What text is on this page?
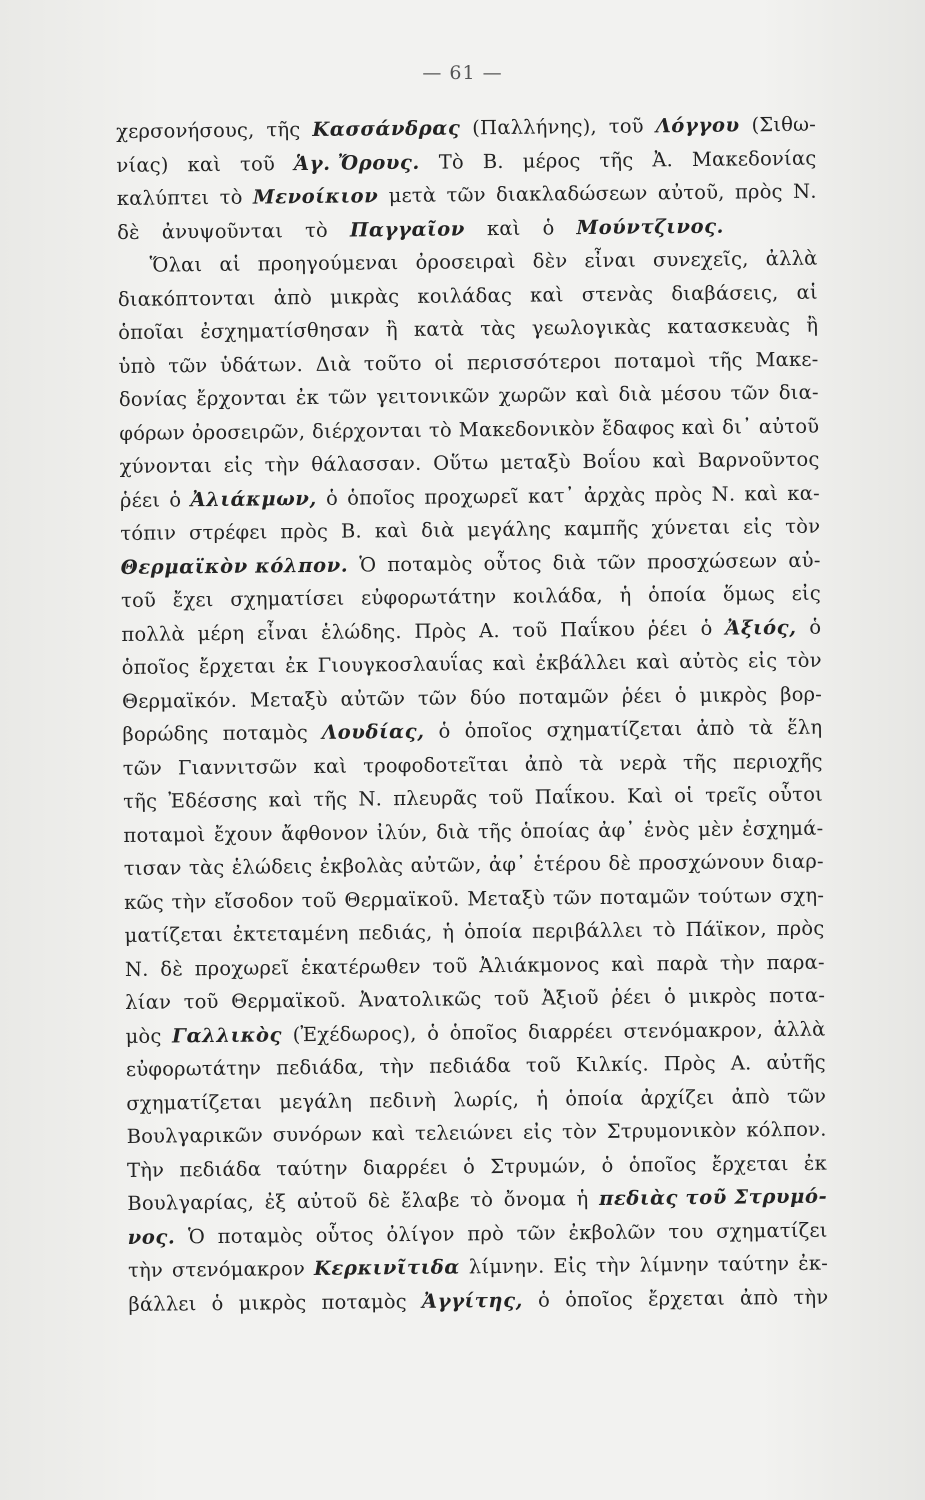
— 61 —
χερσονήσους, τῆς Κασσάνδρας (Παλλήνης), τοῦ Λόγγου (Σιθω-
νίας) καὶ τοῦ Ἁγ. Ὄρους. Τὸ Β. μέρος τῆς Ἀ. Μακεδονίας
καλύπτει τὸ Μενοίκιον μετὰ τῶν διακλαδώσεων αὐτοῦ, πρὸς Ν.
δὲ ἀνυψοῦνται τὸ Παγγαῖον καὶ ὁ Μούντζινος.
Ὅλαι αἱ προηγούμεναι ὀροσειραὶ δὲν εἶναι συνεχεῖς, ἀλλὰ
διακόπτονται ἀπὸ μικρὰς κοιλάδας καὶ στενὰς διαβάσεις, αἱ
ὁποῖαι ἐσχηματίσθησαν ἢ κατὰ τὰς γεωλογικὰς κατασκευὰς ἢ
ὑπὸ τῶν ὑδάτων. Διὰ τοῦτο οἱ περισσότεροι ποταμοὶ τῆς Μακε-
δονίας ἔρχονται ἐκ τῶν γειτονικῶν χωρῶν καὶ διὰ μέσου τῶν δια-
φόρων ὀροσειρῶν, διέρχονται τὸ Μακεδονικὸν ἔδαφος καὶ δι᾽ αὐτοῦ
χύνονται εἰς τὴν θάλασσαν. Οὕτω μεταξὺ Βοΐου καὶ Βαρνοῦντος
ῥέει ὁ Ἀλιάκμων, ὁ ὁποῖος προχωρεῖ κατ᾽ ἀρχὰς πρὸς Ν. καὶ κα-
τόπιν στρέφει πρὸς Β. καὶ διὰ μεγάλης καμπῆς χύνεται εἰς τὸν
Θερμαϊκὸν κόλπον. Ὁ ποταμὸς οὗτος διὰ τῶν προσχώσεων αὐ-
τοῦ ἔχει σχηματίσει εὐφορωτάτην κοιλάδα, ἡ ὁποία ὅμως εἰς
πολλὰ μέρη εἶναι ἑλώδης. Πρὸς Α. τοῦ Παΐκου ῥέει ὁ Ἀξιός, ὁ
ὁποῖος ἔρχεται ἐκ Γιουγκοσλαυΐας καὶ ἐκβάλλει καὶ αὐτὸς εἰς τὸν
Θερμαϊκόν. Μεταξὺ αὐτῶν τῶν δύο ποταμῶν ῥέει ὁ μικρὸς βορ-
βορώδης ποταμὸς Λουδίας, ὁ ὁποῖος σχηματίζεται ἀπὸ τὰ ἕλη
τῶν Γιαννιτσῶν καὶ τροφοδοτεῖται ἀπὸ τὰ νερὰ τῆς περιοχῆς
τῆς Ἐδέσσης καὶ τῆς Ν. πλευρᾶς τοῦ Παΐκου. Καὶ οἱ τρεῖς οὗτοι
ποταμοὶ ἔχουν ἄφθονον ἰλύν, διὰ τῆς ὁποίας ἀφ᾽ ἑνὸς μὲν ἐσχημά-
τισαν τὰς ἑλώδεις ἐκβολὰς αὐτῶν, ἀφ᾽ ἑτέρου δὲ προσχώνουν διαρ-
κῶς τὴν εἴσοδον τοῦ Θερμαϊκοῦ. Μεταξὺ τῶν ποταμῶν τούτων σχη-
ματίζεται ἐκτεταμένη πεδιάς, ἡ ὁποία περιβάλλει τὸ Πάϊκον, πρὸς
Ν. δὲ προχωρεῖ ἑκατέρωθεν τοῦ Ἀλιάκμονος καὶ παρὰ τὴν παρα-
λίαν τοῦ Θερμαϊκοῦ. Ἀνατολικῶς τοῦ Ἀξιοῦ ῥέει ὁ μικρὸς ποτα-
μὸς Γαλλικὸς (Ἐχέδωρος), ὁ ὁποῖος διαρρέει στενόμακρον, ἀλλὰ
εὐφορωτάτην πεδιάδα, τὴν πεδιάδα τοῦ Κιλκίς. Πρὸς Α. αὐτῆς
σχηματίζεται μεγάλη πεδινὴ λωρίς, ἡ ὁποία ἀρχίζει ἀπὸ τῶν
Βουλγαρικῶν συνόρων καὶ τελειώνει εἰς τὸν Στρυμονικὸν κόλπον.
Τὴν πεδιάδα ταύτην διαρρέει ὁ Στρυμών, ὁ ὁποῖος ἔρχεται ἐκ
Βουλγαρίας, ἐξ αὐτοῦ δὲ ἔλαβε τὸ ὄνομα ἡ πεδιὰς τοῦ Στρυμό-
νος. Ὁ ποταμὸς οὗτος ὀλίγον πρὸ τῶν ἐκβολῶν του σχηματίζει
τὴν στενόμακρον Κερκινῖτιδα λίμνην. Εἰς τὴν λίμνην ταύτην ἐκ-
βάλλει ὁ μικρὸς ποταμὸς Ἀγγίτης, ὁ ὁποῖος ἔρχεται ἀπὸ τὴν
